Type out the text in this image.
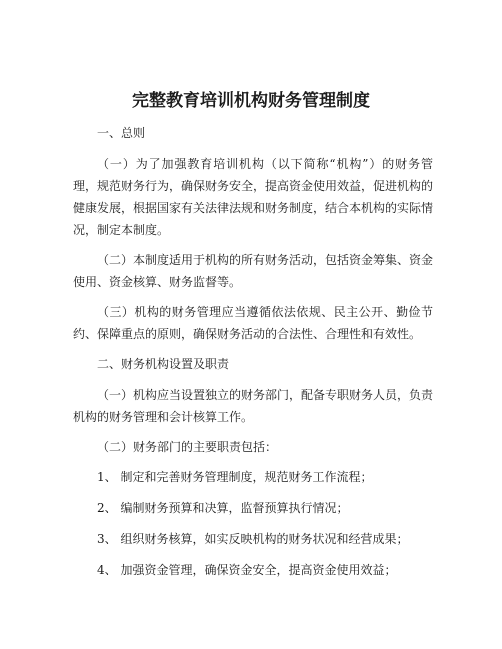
完整教育培训机构财务管理制度

一、总则

（一）为了加强教育培训机构（以下简称“机构”）的财务管理，规范财务行为，确保财务安全，提高资金使用效益，促进机构的健康发展，根据国家有关法律法规和财务制度，结合本机构的实际情况，制定本制度。

（二）本制度适用于机构的所有财务活动，包括资金筹集、资金使用、资金核算、财务监督等。

（三）机构的财务管理应当遵循依法依规、民主公开、勤俭节约、保障重点的原则，确保财务活动的合法性、合理性和有效性。

二、财务机构设置及职责

（一）机构应当设置独立的财务部门，配备专职财务人员，负责机构的财务管理和会计核算工作。

（二）财务部门的主要职责包括：

1、 制定和完善财务管理制度，规范财务工作流程；

2、 编制财务预算和决算，监督预算执行情况；

3、 组织财务核算，如实反映机构的财务状况和经营成果；

4、 加强资金管理，确保资金安全，提高资金使用效益；
